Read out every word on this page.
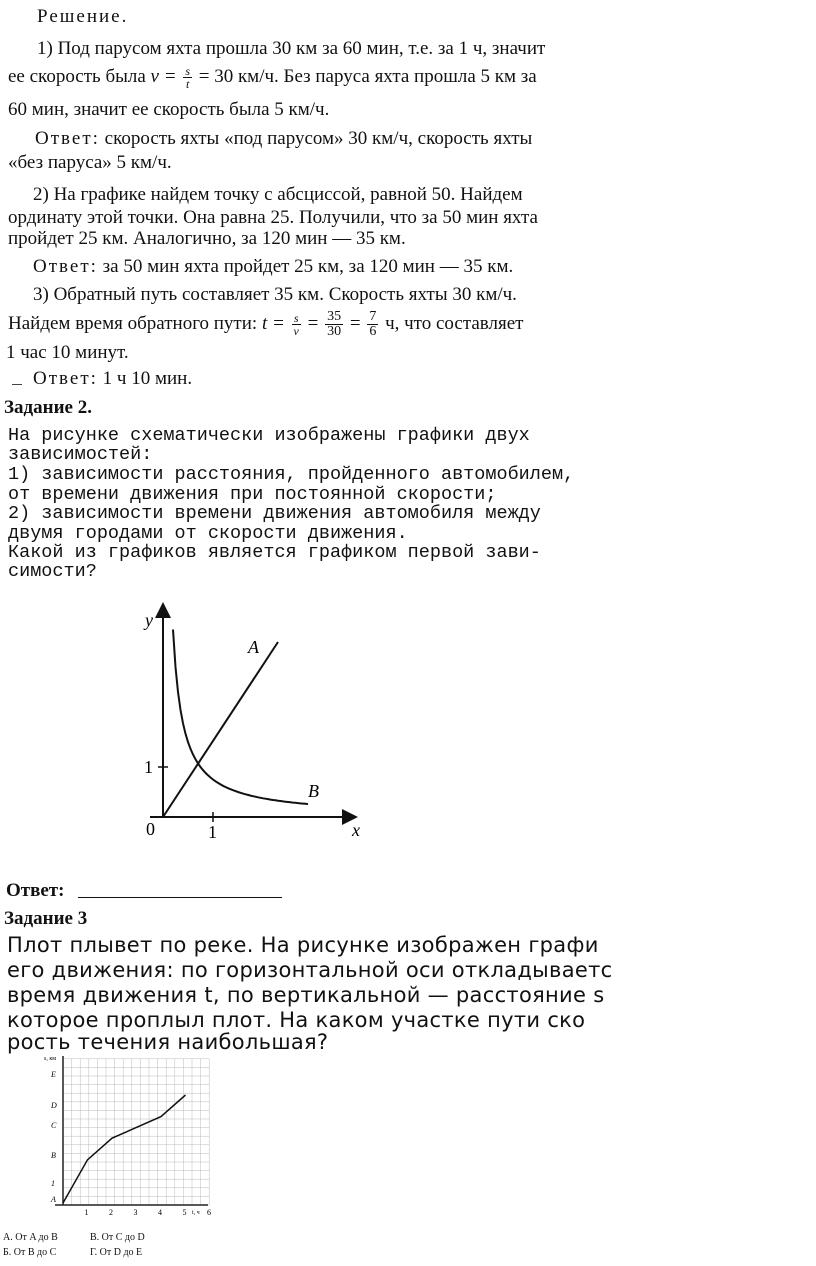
Решение.
1) Под парусом яхта прошла 30 км за 60 мин, т.е. за 1 ч, значит
ее скорость была $v = \frac{s}{t} = 30$ км/ч. Без паруса яхта прошла 5 км за
60 мин, значит ее скорость была 5 км/ч.
Ответ: скорость яхты «под парусом» 30 км/ч, скорость яхты
«без паруса» 5 км/ч.
2) На графике найдем точку с абсциссой, равной 50. Найдем
ординату этой точки. Она равна 25. Получили, что за 50 мин яхта
пройдет 25 км. Аналогично, за 120 мин — 35 км.
Ответ: за 50 мин яхта пройдет 25 км, за 120 мин — 35 км.
3) Обратный путь составляет 35 км. Скорость яхты 30 км/ч.
Найдем время обратного пути: $t = \frac{s}{v} = \frac{35}{30} = \frac{7}{6} ч$, что составляет
1 час 10 минут.
Ответ: 1 ч 10 мин.
Задание 2.
На рисунке схематически изображены графики двух
зависимостей:
1) зависимости расстояния, пройденного автомобилем,
от времени движения при постоянной скорости;
2) зависимости времени движения автомобиля между
двумя городами от скорости движения.
Какой из графиков является графиком первой зави-
симости?
y
x
0	1
1
A
B
Ответ:
Задание 3
Плот плывет по реке. На рисунке изображен графи
его движения: по горизонтальной оси откладываетс
время движения t, по вертикальной — расстояние s
которое проплыл плот. На каком участке пути ско
рость течения наибольшая?
1	2	3	4	5	6
A
1
B
C
D
E
s, км
t, ч
А. От A до B	В. От C до D
Б. От B до C	Г. От D до E
